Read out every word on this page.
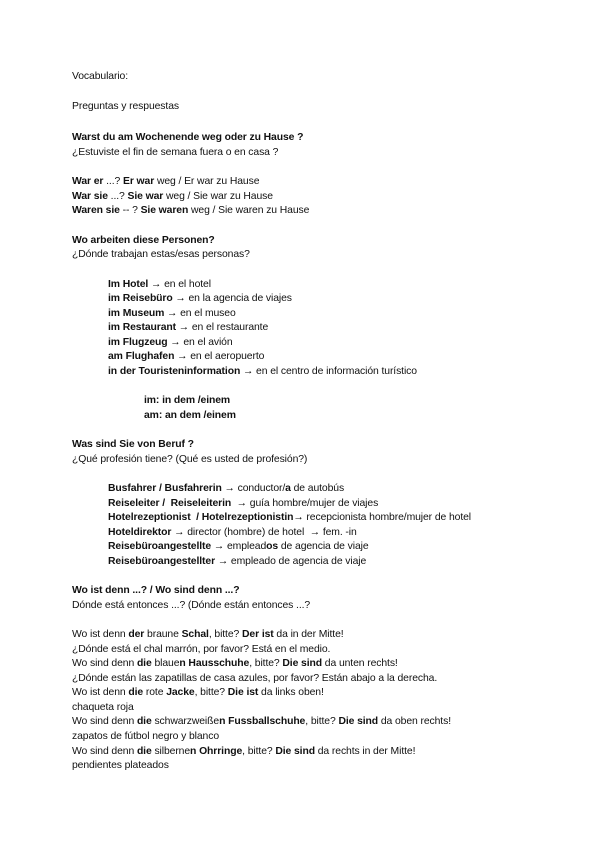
Vocabulario:
Preguntas y respuestas
Warst du am Wochenende weg oder zu Hause ?
¿Estuviste el fin de semana fuera o en casa ?
War er ...? Er war weg / Er war zu Hause
War sie ...? Sie war weg / Sie war zu Hause
Waren sie -- ? Sie waren weg / Sie waren zu Hause
Wo arbeiten diese Personen?
¿Dónde trabajan estas/esas personas?
Im Hotel → en el hotel
im Reisebüro → en la agencia de viajes
im Museum → en el museo
im Restaurant → en el restaurante
im Flugzeug → en el avión
am Flughafen → en el aeropuerto
in der Touristeninformation → en el centro de información turístico
im: in dem /einem
am: an dem /einem
Was sind Sie von Beruf ?
¿Qué profesión tiene? (Qué es usted de profesión?)
Busfahrer / Busfahrerin → conductor/a de autobús
Reiseleiter /  Reiseleiterin  → guía hombre/mujer de viajes
Hotelrezeptionist  / Hotelrezeptionistin→ recepcionista hombre/mujer de hotel
Hoteldirektor → director (hombre) de hotel  → fem. -in
Reisebüroangestellte → empleados de agencia de viaje
Reisebüroangestellter → empleado de agencia de viaje
Wo ist denn ...? / Wo sind denn ...?
Dónde está entonces ...? (Dónde están entonces ...?
Wo ist denn der braune Schal, bitte? Der ist da in der Mitte!
¿Dónde está el chal marrón, por favor? Está en el medio.
Wo sind denn die blauen Hausschuhe, bitte? Die sind da unten rechts!
¿Dónde están las zapatillas de casa azules, por favor? Están abajo a la derecha.
Wo ist denn die rote Jacke, bitte? Die ist da links oben!
chaqueta roja
Wo sind denn die schwarzweißen Fussballschuhe, bitte? Die sind da oben rechts!
zapatos de fútbol negro y blanco
Wo sind denn die silbernen Ohrringe, bitte? Die sind da rechts in der Mitte!
pendientes plateados
